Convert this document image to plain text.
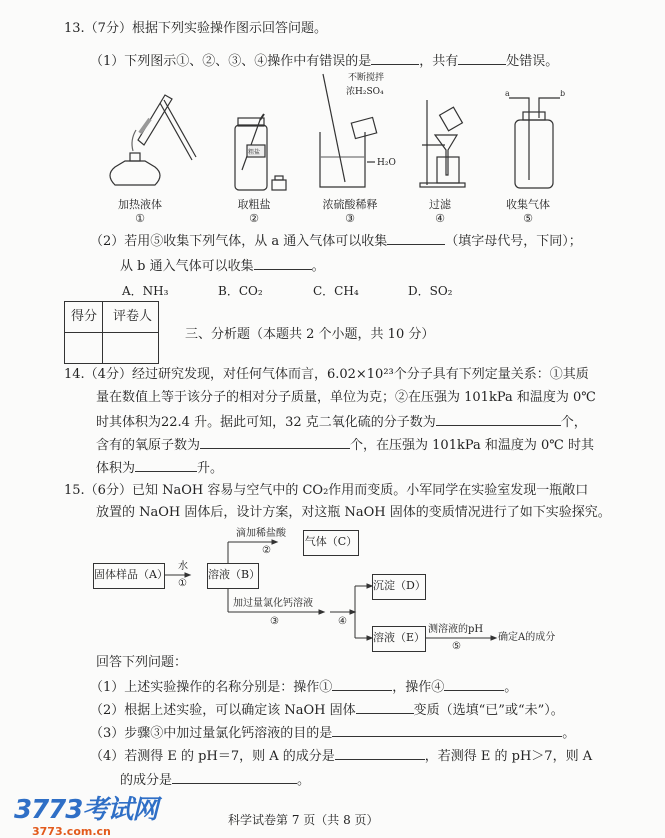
13.（7分）根据下列实验操作图示回答问题。
（1）下列图示①、②、③、④操作中有错误的是	，共有	处错误。
粗盐
不断搅拌
浓H₂SO₄
H₂O
a	b
加热液体
①
取粗盐
②
浓硫酸稀释
③
过滤
④
收集气体
⑤
（2）若用⑤收集下列气体，从 a 通入气体可以收集	（填字母代号，下同）；
从 b 通入气体可以收集	。
A．NH₃	B．CO₂	C．CH₄	D．SO₂
得分 评卷人
三、分析题（本题共 2 个小题，共 10 分）
14.（4分）经过研究发现，对任何气体而言，6.02×10²³个分子具有下列定量关系：①其质
量在数值上等于该分子的相对分子质量，单位为克；②在压强为 101kPa 和温度为 0℃
时其体积为22.4 升。据此可知，32 克二氧化硫的分子数为	个，
含有的氧原子数为	个，在压强为 101kPa 和温度为 0℃ 时其
体积为	升。
15.（6分）已知 NaOH 容易与空气中的 CO₂作用而变质。小军同学在实验室发现一瓶敞口
放置的 NaOH 固体后，设计方案，对这瓶 NaOH 固体的变质情况进行了如下实验探究。
固体样品（A）
水
①
溶液（B）
滴加稀盐酸
②
气体（C）
加过量氯化钙溶液
③	④
沉淀（D）
溶液（E）
测溶液的pH
⑤
确定A的成分
回答下列问题：
（1）上述实验操作的名称分别是：操作①	，操作④	。
（2）根据上述实验，可以确定该 NaOH 固体	变质（选填“已”或“未”）。
（3）步骤③中加过量氯化钙溶液的目的是	。
（4）若测得 E 的 pH＝7，则 A 的成分是	，若测得 E 的 pH＞7，则 A
的成分是	。
科学试卷第 7 页（共 8 页）
3773考试网
3773.com.cn
